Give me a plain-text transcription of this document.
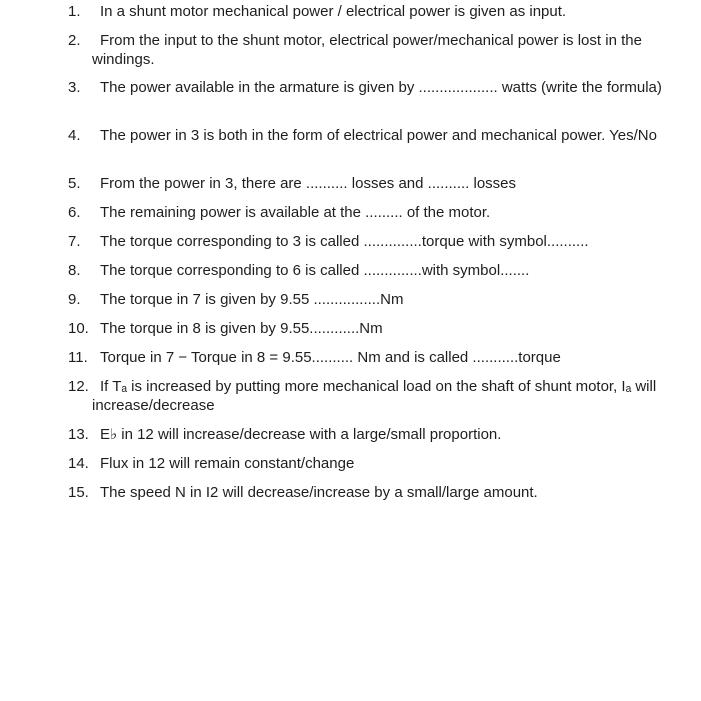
1.	In a shunt motor mechanical power / electrical power is given as input.
2.	From the input to the shunt motor, electrical power/mechanical power is lost in the windings.
3.	The power available in the armature is given by ................... watts (write the formula)
4.	The power in 3 is both in the form of electrical power and mechanical power. Yes/No
5.	From the power in 3, there are .......... losses and .......... losses
6.	The remaining power is available at the ......... of the motor.
7.	The torque corresponding to 3 is called ..............torque with symbol..........
8.	The torque corresponding to 6 is called ..............with symbol.......
9.	The torque in 7 is given by 9.55 ................Nm
10. The torque in 8 is given by 9.55............Nm
11. Torque in 7 − Torque in 8 = 9.55.......... Nm and is called ...........torque
12. If Tₐ is increased by putting more mechanical load on the shaft of shunt motor, Iₐ will increase/decrease
13. E♭ in 12 will increase/decrease with a large/small proportion.
14. Flux in 12 will remain constant/change
15. The speed N in I2 will decrease/increase by a small/large amount.
